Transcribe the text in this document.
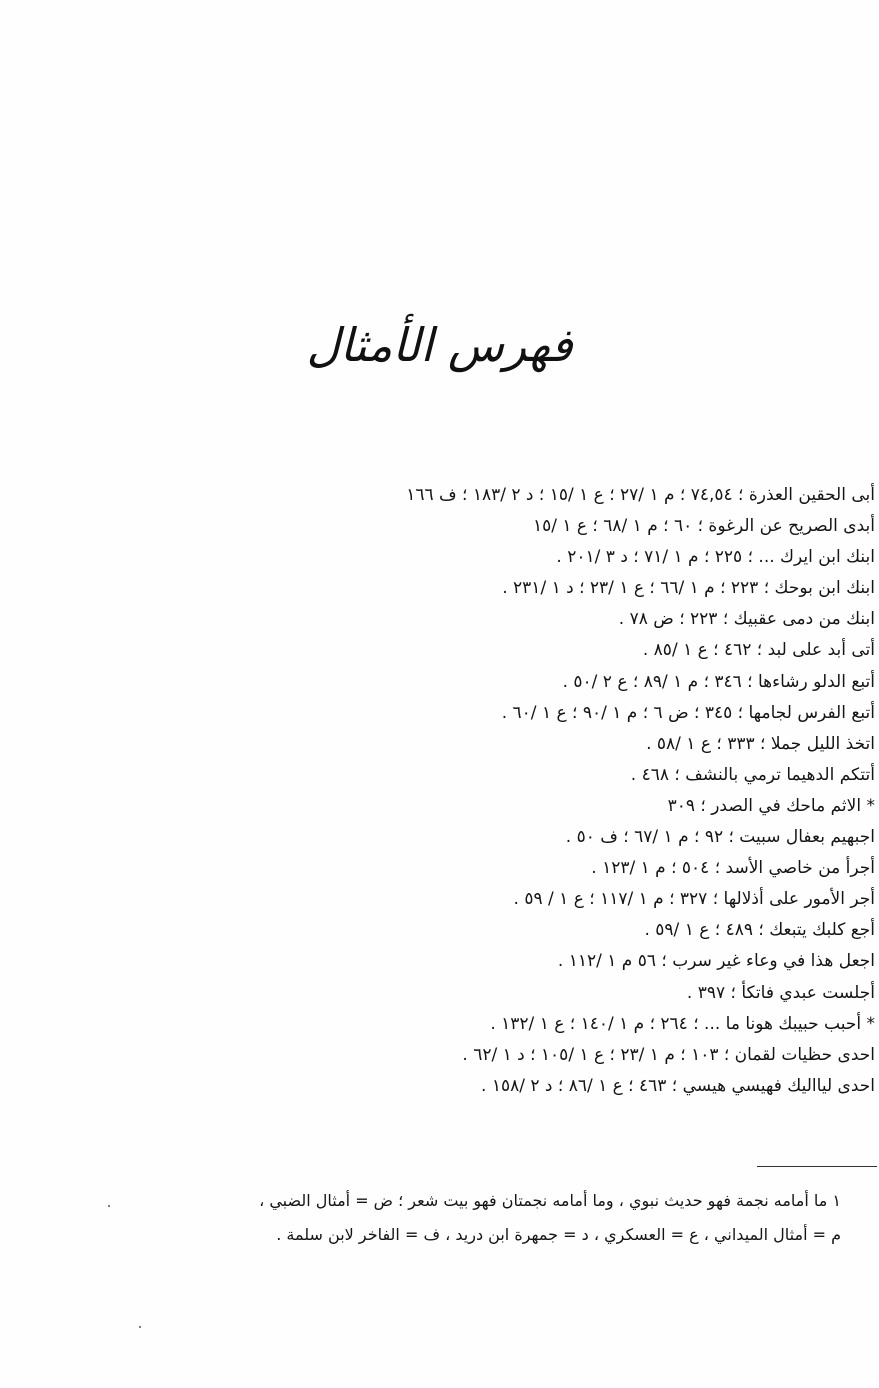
فهرس الأمثال
أبى الحقين العذرة ؛ ٧٤,٥٤ ؛ م ١ /٢٧ ؛ ع ١ /١٥ ؛ د ٢ /١٨٣ ؛ ف ١٦٦
أبدى الصريح عن الرغوة ؛ ٦٠ ؛ م ١ /٦٨ ؛ ع ١ /١٥
ابنك ابن ايرك ... ؛ ٢٢٥ ؛ م ١ /٧١ ؛ د ٣ /٢٠١ .
ابنك ابن بوحك ؛ ٢٢٣ ؛ م ١ /٦٦ ؛ ع ١ /٢٣ ؛ د ١ /٢٣١ .
ابنك من دمى عقبيك ؛ ٢٢٣ ؛ ض ٧٨ .
أتى أبد على لبد ؛ ٤٦٢ ؛ ع ١ /٨٥ .
أتبع الدلو رشاءها ؛ ٣٤٦ ؛ م ١ /٨٩ ؛ ع ٢ /٥٠ .
أتبع الفرس لجامها ؛ ٣٤٥ ؛ ض ٦ ؛ م ١ /٩٠ ؛ ع ١ /٦٠ .
اتخذ الليل جملا ؛ ٣٣٣ ؛ ع ١ /٥٨ .
أتتكم الدهيما ترمي بالنشف ؛ ٤٦٨ .
* الاثم ماحك في الصدر ؛ ٣٠٩
اجبهيم بعفال سبيت ؛ ٩٢ ؛ م ١ /٦٧ ؛ ف ٥٠ .
أجرأ من خاصي الأسد ؛ ٥٠٤ ؛ م ١ /١٢٣ .
أجر الأمور على أذلالها ؛ ٣٢٧ ؛ م ١ /١١٧ ؛ ع ١ / ٥٩ .
أجع كلبك يتبعك ؛ ٤٨٩ ؛ ع ١ /٥٩ .
اجعل هذا في وعاء غير سرب ؛ ٥٦ م ١ /١١٢ .
أجلست عبدي فاتكأ ؛ ٣٩٧ .
* أحبب حبيبك هونا ما ... ؛ ٢٦٤ ؛ م ١ /١٤٠ ؛ ع ١ /١٣٢ .
احدى حظيات لقمان ؛ ١٠٣ ؛ م ١ /٢٣ ؛ ع ١ /١٠٥ ؛ د ١ /٦٢ .
احدى ليااليك فهيسي هيسي ؛ ٤٦٣ ؛ ع ١ /٨٦ ؛ د ٢ /١٥٨ .
١ ما أمامه نجمة فهو حديث نبوي ، وما أمامه نجمتان فهو بيت شعر ؛ ض = أمثال الضبي ،
م = أمثال الميداني ، ع = العسكري ، د = جمهرة ابن دريد ، ف = الفاخر لابن سلمة .
